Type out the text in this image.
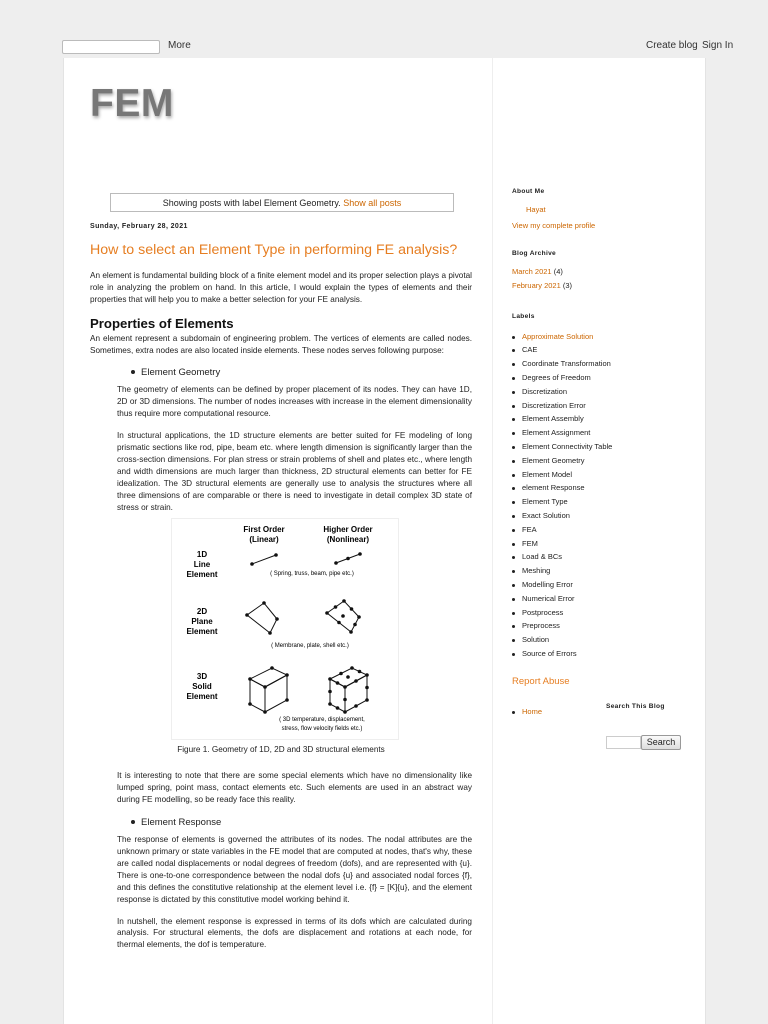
More	Create blog Sign In
FEM
Showing posts with label Element Geometry. Show all posts
Sunday, February 28, 2021
How to select an Element Type in performing FE analysis?

An element is fundamental building block of a finite element model and its proper selection plays a pivotal role in analyzing the problem on hand. In this article, I would explain the types of elements and their properties that will help you to make a better selection for your FE analysis.

Properties of Elements

An element represent a subdomain of engineering problem. The vertices of elements are called nodes. Sometimes, extra nodes are also located inside elements. These nodes serves following purpose:

Element Geometry

The geometry of elements can be defined by proper placement of its nodes. They can have 1D, 2D or 3D dimensions. The number of nodes increases with increase in the element dimensionality thus require more computational resource.

In structural applications, the 1D structure elements are better suited for FE modeling of long prismatic sections like rod, pipe, beam etc. where length dimension is significantly larger than the cross-section dimensions. For plan stress or strain problems of shell and plates etc., where length and width dimensions are much larger than thickness, 2D structural elements can better for FE idealization. The 3D structural elements are generally use to analysis the structures where all three dimensions of are comparable or there is need to investigate in detail complex 3D state of stress or strain.

First Order
(Linear)
Higher Order
(Nonlinear)
1D
Line
Element	( Spring, truss, beam, pipe etc.)
2D
Plane
Element
( Membrane, plate, shell etc.)
3D
Solid
Element
( 3D temperature, displacement,
stress, flow velocity fields etc.)
Figure 1. Geometry of 1D, 2D and 3D structural elements

It is interesting to note that there are some special elements which have no dimensionality like lumped spring, point mass, contact elements etc. Such elements are used in an abstract way during FE modelling, so be ready face this reality.

Element Response

The response of elements is governed the attributes of its nodes. The nodal attributes are the unknown primary or state variables in the FE model that are computed at nodes, that's why, these are called nodal displacements or nodal degrees of freedom (dofs), and are represented with {u}. There is one-to-one correspondence between the nodal dofs {u} and associated nodal forces {f}, and this defines the constitutive relationship at the element level i.e. {f} = [K]{u}, and the element response is dictated by this constitutive model working behind it.

In nutshell, the element response is expressed in terms of its dofs which are calculated during analysis. For structural elements, the dofs are displacement and rotations at each node, for thermal elements, the dof is temperature.

About Me
Hayat
View my complete profile
Blog Archive
March 2021 (4)
February 2021 (3)
Labels
Approximate Solution
CAE
Coordinate Transformation
Degrees of Freedom
Discretization
Discretization Error
Element Assembly
Element Assignment
Element Connectivity Table
Element Geometry
Element Model
element Response
Element Type
Exact Solution
FEA
FEM
Load & BCs
Meshing
Modelling Error
Numerical Error
Postprocess
Preprocess
Solution
Source of Errors
Report Abuse
Home
Search This Blog
Search
